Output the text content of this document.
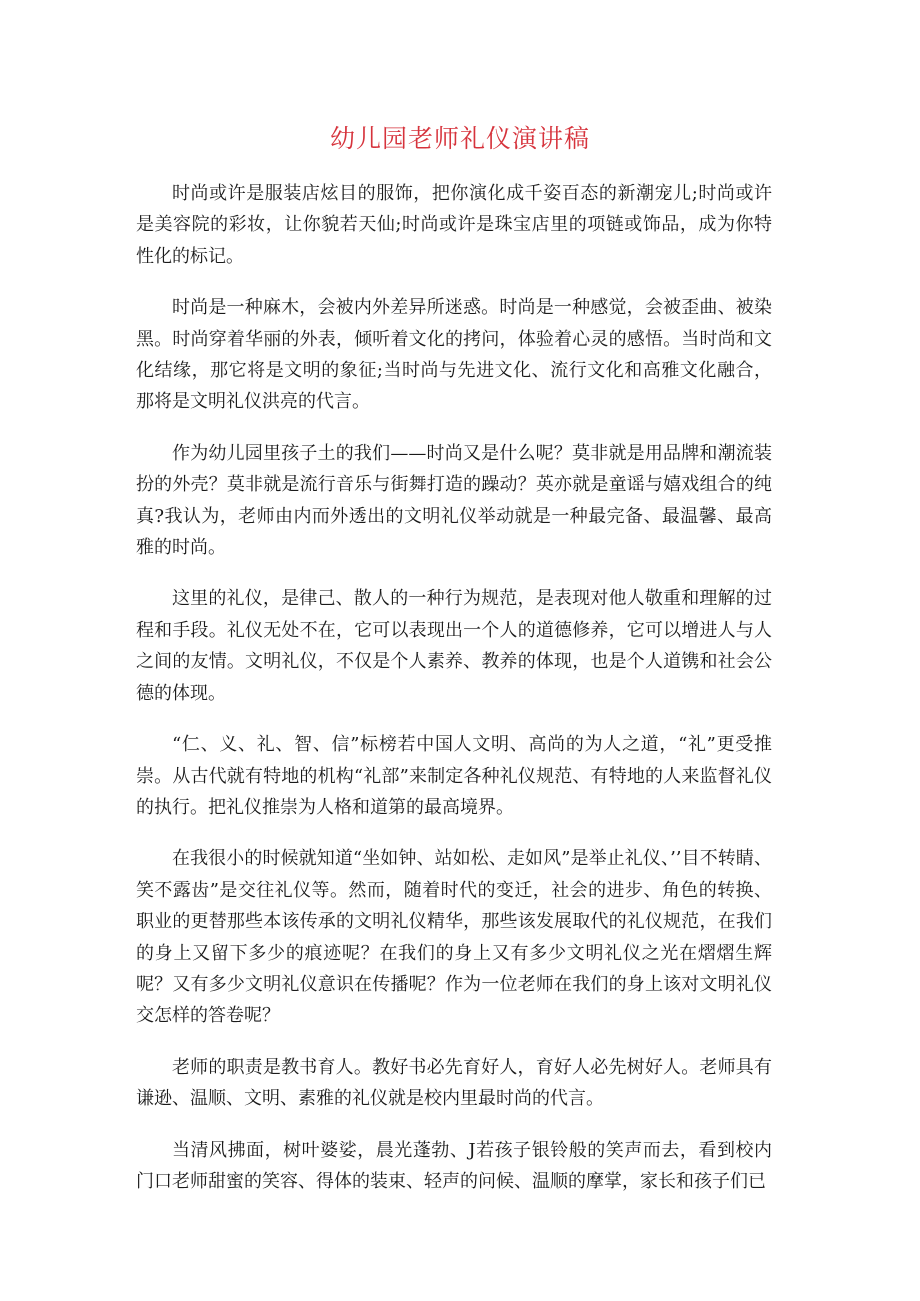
幼儿园老师礼仪演讲稿

时尚或许是服装店炫目的服饰，把你演化成千姿百态的新潮宠儿;时尚或许是美容院的彩妆，让你貌若天仙;时尚或许是珠宝店里的项链或饰品，成为你特性化的标记。

时尚是一种麻木，会被内外差异所迷惑。时尚是一种感觉，会被歪曲、被染黑。时尚穿着华丽的外表，倾听着文化的拷问，体验着心灵的感悟。当时尚和文化结缘，那它将是文明的象征;当时尚与先进文化、流行文化和高雅文化融合，那将是文明礼仪洪亮的代言。

作为幼儿园里孩子土的我们——时尚又是什么呢？莫非就是用品牌和潮流装扮的外壳？莫非就是流行音乐与街舞打造的躁动？英亦就是童谣与嬉戏组合的纯真?我认为，老师由内而外透出的文明礼仪举动就是一种最完备、最温馨、最高雅的时尚。

这里的礼仪，是律己、散人的一种行为规范，是表现对他人敬重和理解的过程和手段。礼仪无处不在，它可以表现出一个人的道德修养，它可以增进人与人之间的友情。文明礼仪，不仅是个人素养、教养的体现，也是个人道镌和社会公德的体现。

“仁、义、礼、智、信”标榜若中国人文明、高尚的为人之道，“礼”更受推崇。从古代就有特地的机构“礼部”来制定各种礼仪规范、有特地的人来监督礼仪的执行。把礼仪推崇为人格和道第的最高境界。

在我很小的时候就知道“坐如钟、站如松、走如风”是举止礼仪、’’目不转睛、笑不露齿”是交往礼仪等。然而，随着时代的变迁，社会的进步、角色的转换、职业的更替那些本该传承的文明礼仪精华，那些该发展取代的礼仪规范，在我们的身上又留下多少的痕迹呢？在我们的身上又有多少文明礼仪之光在熠熠生辉呢？又有多少文明礼仪意识在传播呢？作为一位老师在我们的身上该对文明礼仪交怎样的答卷呢？

老师的职责是教书育人。教好书必先育好人，育好人必先树好人。老师具有谦逊、温顺、文明、素雅的礼仪就是校内里最时尚的代言。

当清风拂面，树叶婆娑，晨光蓬勃、J若孩子银铃般的笑声而去，看到校内门口老师甜蜜的笑容、得体的装束、轻声的问候、温顺的摩掌，家长和孩子们已
